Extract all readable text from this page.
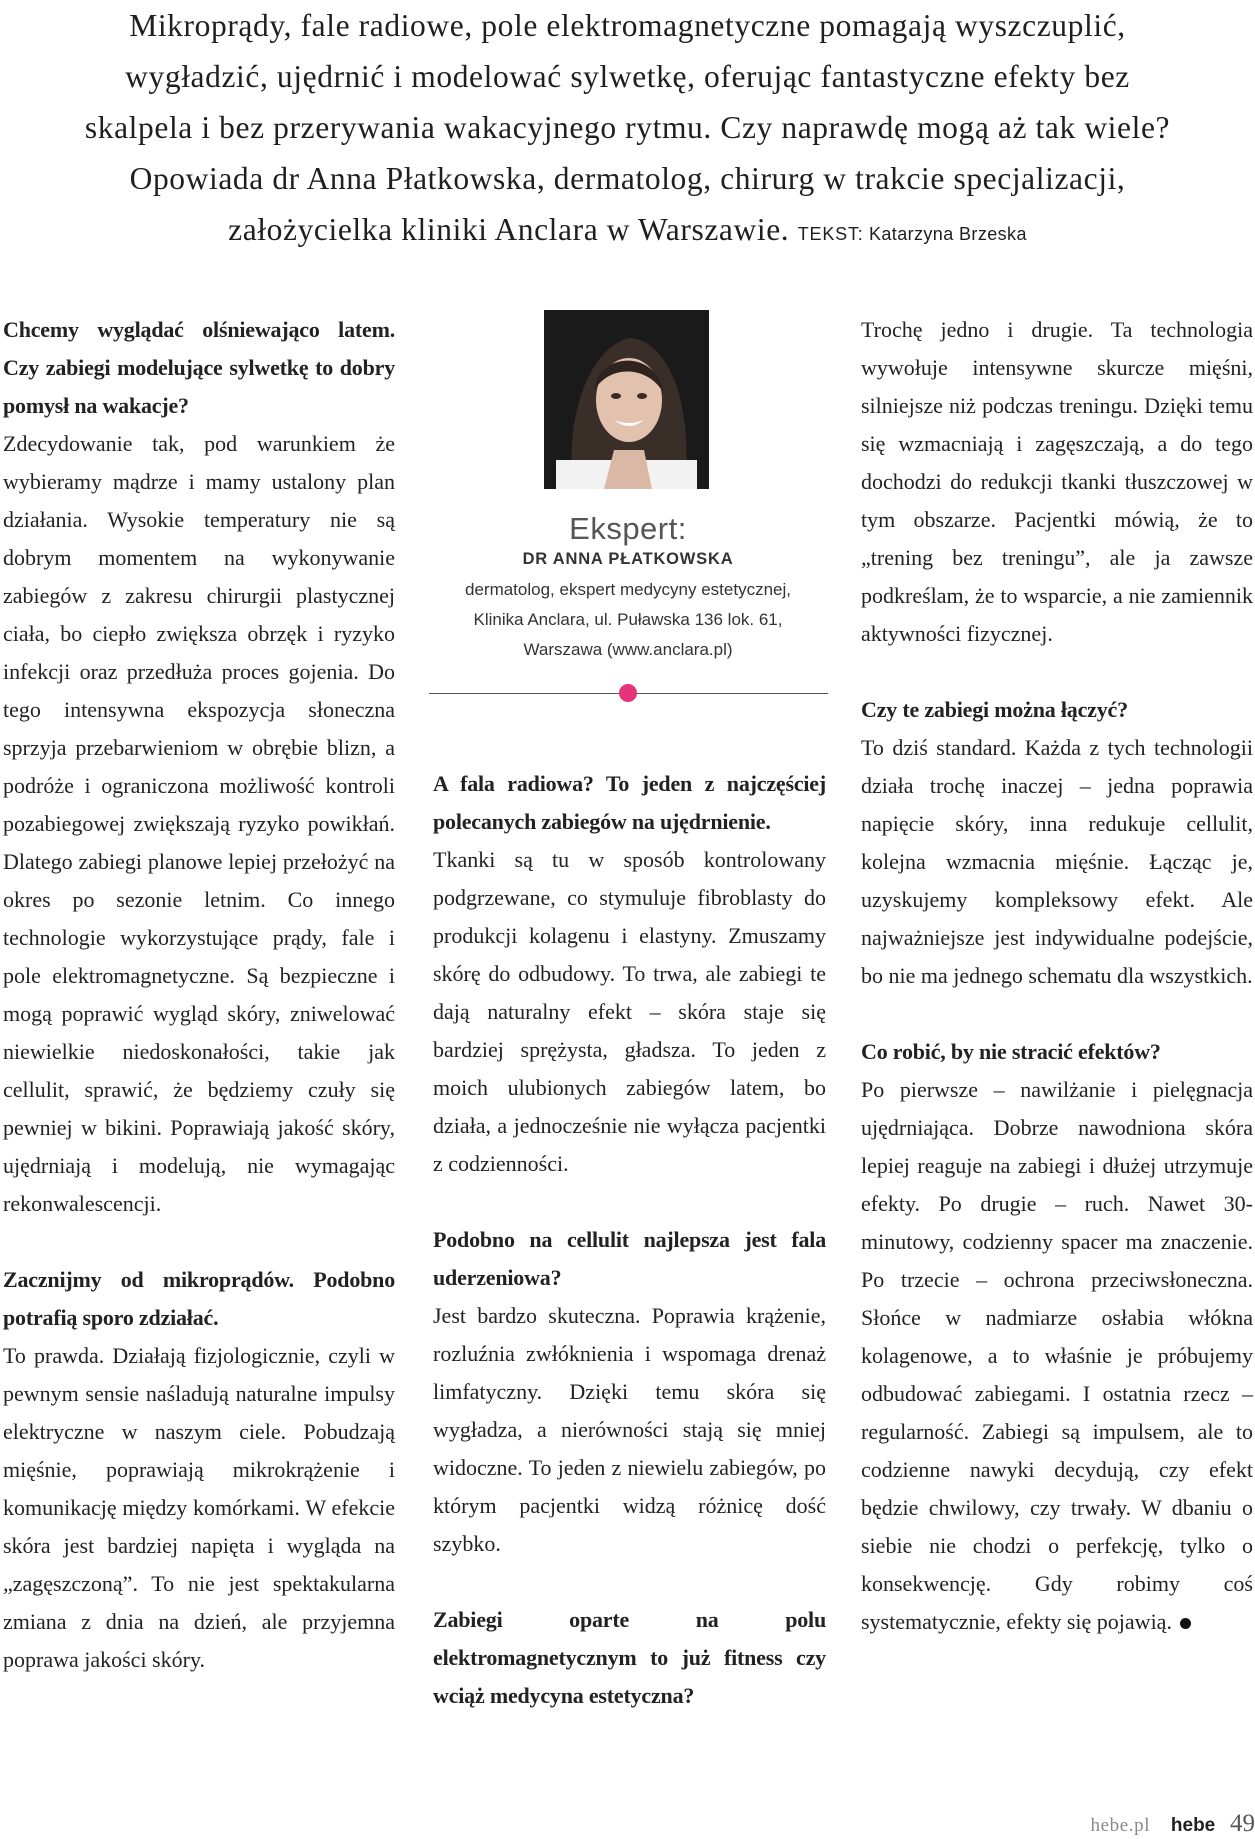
Mikroprądy, fale radiowe, pole elektromagnetyczne pomagają wyszczuplić,
wygładzić, ujędrnić i modelować sylwetkę, oferując fantastyczne efekty bez
skalpela i bez przerywania wakacyjnego rytmu. Czy naprawdę mogą aż tak wiele?
Opowiada dr Anna Płatkowska, dermatolog, chirurg w trakcie specjalizacji,
założycielka kliniki Anclara w Warszawie. TEKST: Katarzyna Brzeska

Chcemy wyglądać olśniewająco latem. Czy zabiegi modelujące sylwetkę to dobry pomysł na wakacje?

Zdecydowanie tak, pod warunkiem że wybieramy mądrze i mamy ustalony plan działania. Wysokie temperatury nie są dobrym momentem na wykonywanie zabiegów z zakresu chirurgii plastycznej ciała, bo ciepło zwiększa obrzęk i ryzyko infekcji oraz przedłuża proces gojenia. Do tego intensywna ekspozycja słoneczna sprzyja przebarwieniom w obrębie blizn, a podróże i ograniczona możliwość kontroli pozabiegowej zwiększają ryzyko powikłań. Dlatego zabiegi planowe lepiej przełożyć na okres po sezonie letnim. Co innego technologie wykorzystujące prądy, fale i pole elektromagnetyczne. Są bezpieczne i mogą poprawić wygląd skóry, zniwelować niewielkie niedoskonałości, takie jak cellulit, sprawić, że będziemy czuły się pewniej w bikini. Poprawiają jakość skóry, ujędrniają i modelują, nie wymagając rekonwalescencji.

Zacznijmy od mikroprądów. Podobno potrafią sporo zdziałać.

To prawda. Działają fizjologicznie, czyli w pewnym sensie naśladują naturalne impulsy elektryczne w naszym ciele. Pobudzają mięśnie, poprawiają mikrokrążenie i komunikację między komórkami. W efekcie skóra jest bardziej napięta i wygląda na „zagęszczoną”. To nie jest spektakularna zmiana z dnia na dzień, ale przyjemna poprawa jakości skóry.

Ekspert:
DR ANNA PŁATKOWSKA
dermatolog, ekspert medycyny estetycznej,
Klinika Anclara, ul. Puławska 136 lok. 61,
Warszawa (www.anclara.pl)

A fala radiowa? To jeden z najczęściej polecanych zabiegów na ujędrnienie.

Tkanki są tu w sposób kontrolowany podgrzewane, co stymuluje fibroblasty do produkcji kolagenu i elastyny. Zmuszamy skórę do odbudowy. To trwa, ale zabiegi te dają naturalny efekt – skóra staje się bardziej sprężysta, gładsza. To jeden z moich ulubionych zabiegów latem, bo działa, a jednocześnie nie wyłącza pacjentki z codzienności.

Podobno na cellulit najlepsza jest fala uderzeniowa?

Jest bardzo skuteczna. Poprawia krążenie, rozluźnia zwłóknienia i wspomaga drenaż limfatyczny. Dzięki temu skóra się wygładza, a nierówności stają się mniej widoczne. To jeden z niewielu zabiegów, po którym pacjentki widzą różnicę dość szybko.

Zabiegi oparte na polu elektromagnetycznym to już fitness czy wciąż medycyna estetyczna?

Trochę jedno i drugie. Ta technologia wywołuje intensywne skurcze mięśni, silniejsze niż podczas treningu. Dzięki temu się wzmacniają i zagęszczają, a do tego dochodzi do redukcji tkanki tłuszczowej w tym obszarze. Pacjentki mówią, że to „trening bez treningu”, ale ja zawsze podkreślam, że to wsparcie, a nie zamiennik aktywności fizycznej.

Czy te zabiegi można łączyć?

To dziś standard. Każda z tych technologii działa trochę inaczej – jedna poprawia napięcie skóry, inna redukuje cellulit, kolejna wzmacnia mięśnie. Łącząc je, uzyskujemy kompleksowy efekt. Ale najważniejsze jest indywidualne podejście, bo nie ma jednego schematu dla wszystkich.

Co robić, by nie stracić efektów?

Po pierwsze – nawilżanie i pielęgnacja ujędrniająca. Dobrze nawodniona skóra lepiej reaguje na zabiegi i dłużej utrzymuje efekty. Po drugie – ruch. Nawet 30-minutowy, codzienny spacer ma znaczenie. Po trzecie – ochrona przeciwsłoneczna. Słońce w nadmiarze osłabia włókna kolagenowe, a to właśnie je próbujemy odbudować zabiegami. I ostatnia rzecz – regularność. Zabiegi są impulsem, ale to codzienne nawyki decydują, czy efekt będzie chwilowy, czy trwały. W dbaniu o siebie nie chodzi o perfekcję, tylko o konsekwencję. Gdy robimy coś systematycznie, efekty się pojawią.

hebe.pl hebe 49
